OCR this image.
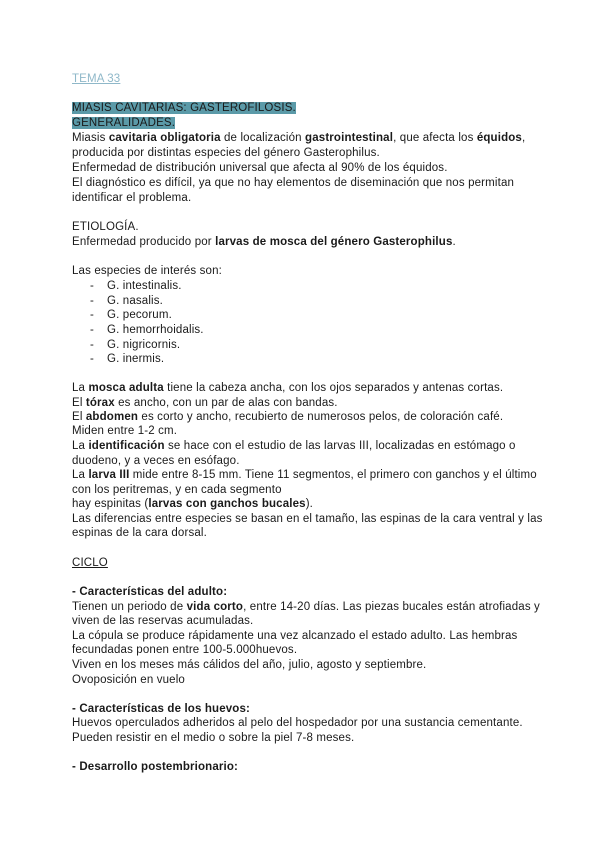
TEMA 33
MIASIS CAVITARIAS: GASTEROFILOSIS.
GENERALIDADES.
Miasis cavitaria obligatoria de localización gastrointestinal, que afecta los équidos,
producida por distintas especies del género Gasterophilus.
Enfermedad de distribución universal que afecta al 90% de los équidos.
El diagnóstico es difícil, ya que no hay elementos de diseminación que nos permitan
identificar el problema.
ETIOLOGÍA.
Enfermedad producido por larvas de mosca del género Gasterophilus.
Las especies de interés son:
- G. intestinalis.
- G. nasalis.
- G. pecorum.
- G. hemorrhoidalis.
- G. nigricornis.
- G. inermis.
La mosca adulta tiene la cabeza ancha, con los ojos separados y antenas cortas.
El tórax es ancho, con un par de alas con bandas.
El abdomen es corto y ancho, recubierto de numerosos pelos, de coloración café.
Miden entre 1-2 cm.
La identificación se hace con el estudio de las larvas III, localizadas en estómago o
duodeno, y a veces en esófago.
La larva III mide entre 8-15 mm. Tiene 11 segmentos, el primero con ganchos y el último
con los peritremas, y en cada segmento
hay espinitas (larvas con ganchos bucales).
Las diferencias entre especies se basan en el tamaño, las espinas de la cara ventral y las
espinas de la cara dorsal.
CICLO
- Características del adulto:
Tienen un periodo de vida corto, entre 14-20 días. Las piezas bucales están atrofiadas y
viven de las reservas acumuladas.
La cópula se produce rápidamente una vez alcanzado el estado adulto. Las hembras
fecundadas ponen entre 100-5.000huevos.
Viven en los meses más cálidos del año, julio, agosto y septiembre.
Ovoposición en vuelo
- Características de los huevos:
Huevos operculados adheridos al pelo del hospedador por una sustancia cementante.
Pueden resistir en el medio o sobre la piel 7-8 meses.
- Desarrollo postembrionario:
